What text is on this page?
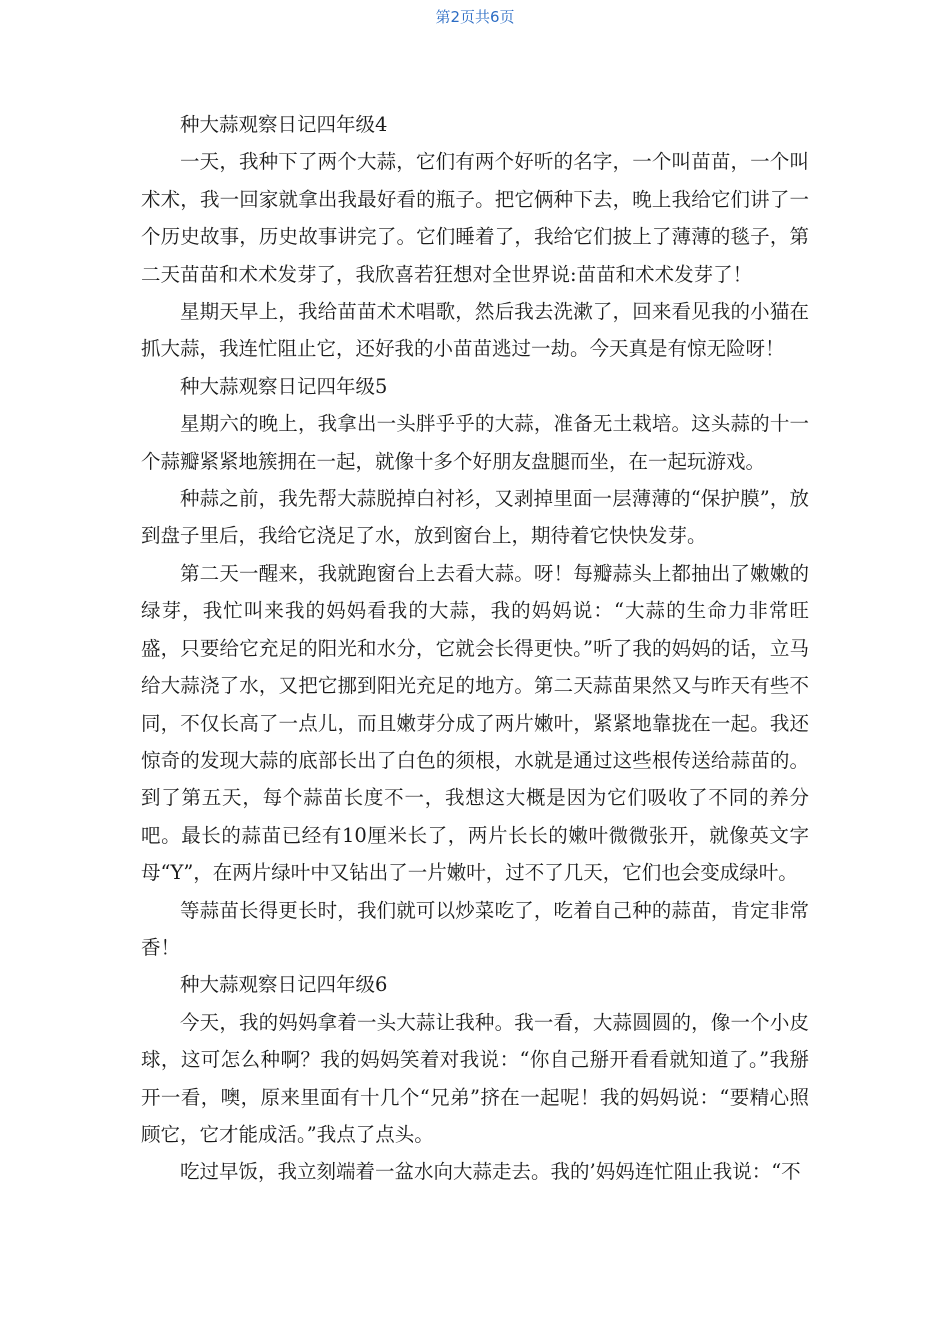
第2页共6页

种大蒜观察日记四年级4

一天，我种下了两个大蒜，它们有两个好听的名字，一个叫苗苗，一个叫术术，我一回家就拿出我最好看的瓶子。把它俩种下去，晚上我给它们讲了一个历史故事，历史故事讲完了。它们睡着了，我给它们披上了薄薄的毯子，第二天苗苗和术术发芽了，我欣喜若狂想对全世界说:苗苗和术术发芽了！

星期天早上，我给苗苗术术唱歌，然后我去洗漱了，回来看见我的小猫在抓大蒜，我连忙阻止它，还好我的小苗苗逃过一劫。今天真是有惊无险呀！

种大蒜观察日记四年级5

星期六的晚上，我拿出一头胖乎乎的大蒜，准备无土栽培。这头蒜的十一个蒜瓣紧紧地簇拥在一起，就像十多个好朋友盘腿而坐，在一起玩游戏。

种蒜之前，我先帮大蒜脱掉白衬衫，又剥掉里面一层薄薄的“保护膜”，放到盘子里后，我给它浇足了水，放到窗台上，期待着它快快发芽。

第二天一醒来，我就跑窗台上去看大蒜。呀！每瓣蒜头上都抽出了嫩嫩的绿芽，我忙叫来我的妈妈看我的大蒜，我的妈妈说：“大蒜的生命力非常旺盛，只要给它充足的阳光和水分，它就会长得更快。”听了我的妈妈的话，立马给大蒜浇了水，又把它挪到阳光充足的地方。第二天蒜苗果然又与昨天有些不同，不仅长高了一点儿，而且嫩芽分成了两片嫩叶，紧紧地靠拢在一起。我还惊奇的发现大蒜的底部长出了白色的须根，水就是通过这些根传送给蒜苗的。到了第五天，每个蒜苗长度不一，我想这大概是因为它们吸收了不同的养分吧。最长的蒜苗已经有10厘米长了，两片长长的嫩叶微微张开，就像英文字母“Y”，在两片绿叶中又钻出了一片嫩叶，过不了几天，它们也会变成绿叶。

等蒜苗长得更长时，我们就可以炒菜吃了，吃着自己种的蒜苗，肯定非常香！

种大蒜观察日记四年级6

今天，我的妈妈拿着一头大蒜让我种。我一看，大蒜圆圆的，像一个小皮球，这可怎么种啊？我的妈妈笑着对我说：“你自己掰开看看就知道了。”我掰开一看，噢，原来里面有十几个“兄弟”挤在一起呢！我的妈妈说：“要精心照顾它，它才能成活。”我点了点头。

吃过早饭，我立刻端着一盆水向大蒜走去。我的’妈妈连忙阻止我说：“不
